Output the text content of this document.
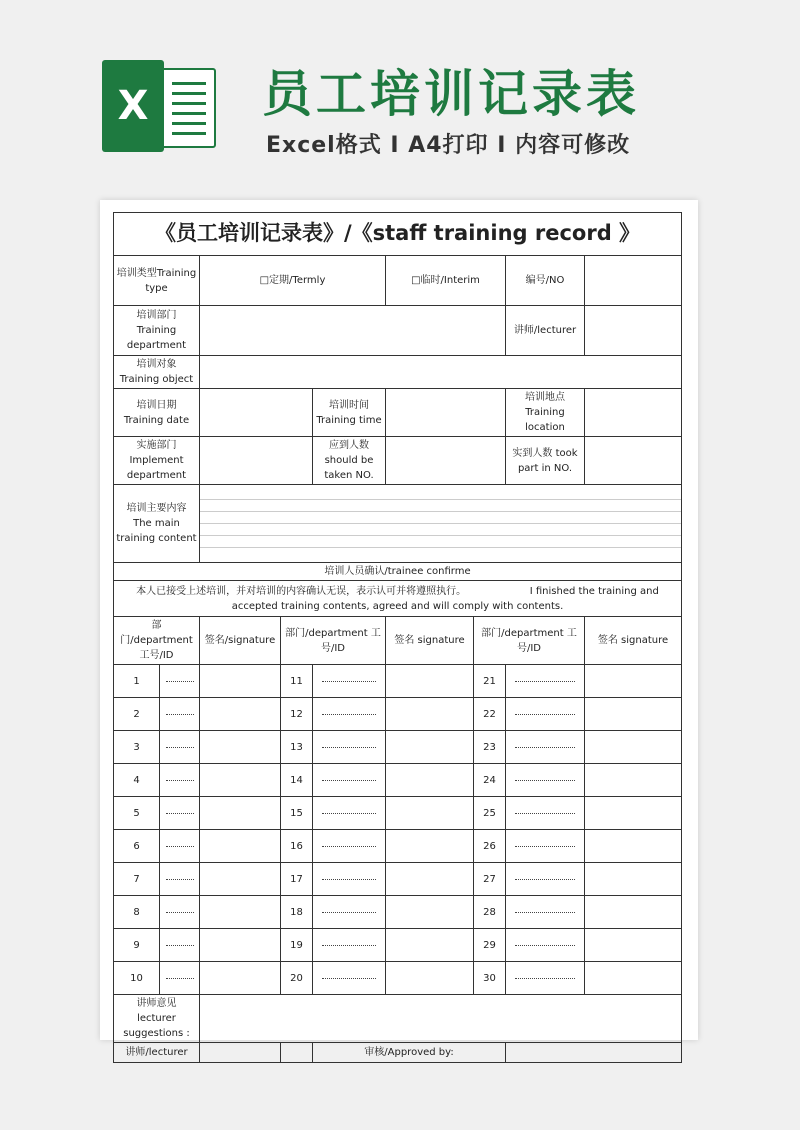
X	员工培训记录表
Excel格式 I A4打印 I 内容可修改
《员工培训记录表》/《staff training record 》								
培训类型Training type		□定期/Termly			□临时/Interim		编号/NO	
培训部门 Training department							讲师/lecturer	
培训对象 Training object								
培训日期 Training date				培训时间 Training time			培训地点 Training location	
实施部门 Implement department				应到人数 should be taken NO.			实到人数 took part in NO.	
培训主要内容 The main training content								

培训人员确认/trainee confirme								
本人已接受上述培训，并对培训的内容确认无误，表示认可并将遵照执行。 I finished the training and
accepted training contents, agreed and will comply with contents.								
部门/department 工号/ID		签名/signature	部门/department 工号/ID		签名 signature	部门/department 工号/ID		签名 signature
1			11			21		
2			12			22		
3			13			23		
4			14			24		
5			15			25		
6			16			26		
7			17			27		
8			18			28		
9			19			29		
10			20			30		
讲师意见 lecturer suggestions :								
讲师/lecturer				审核/Approved by:				
